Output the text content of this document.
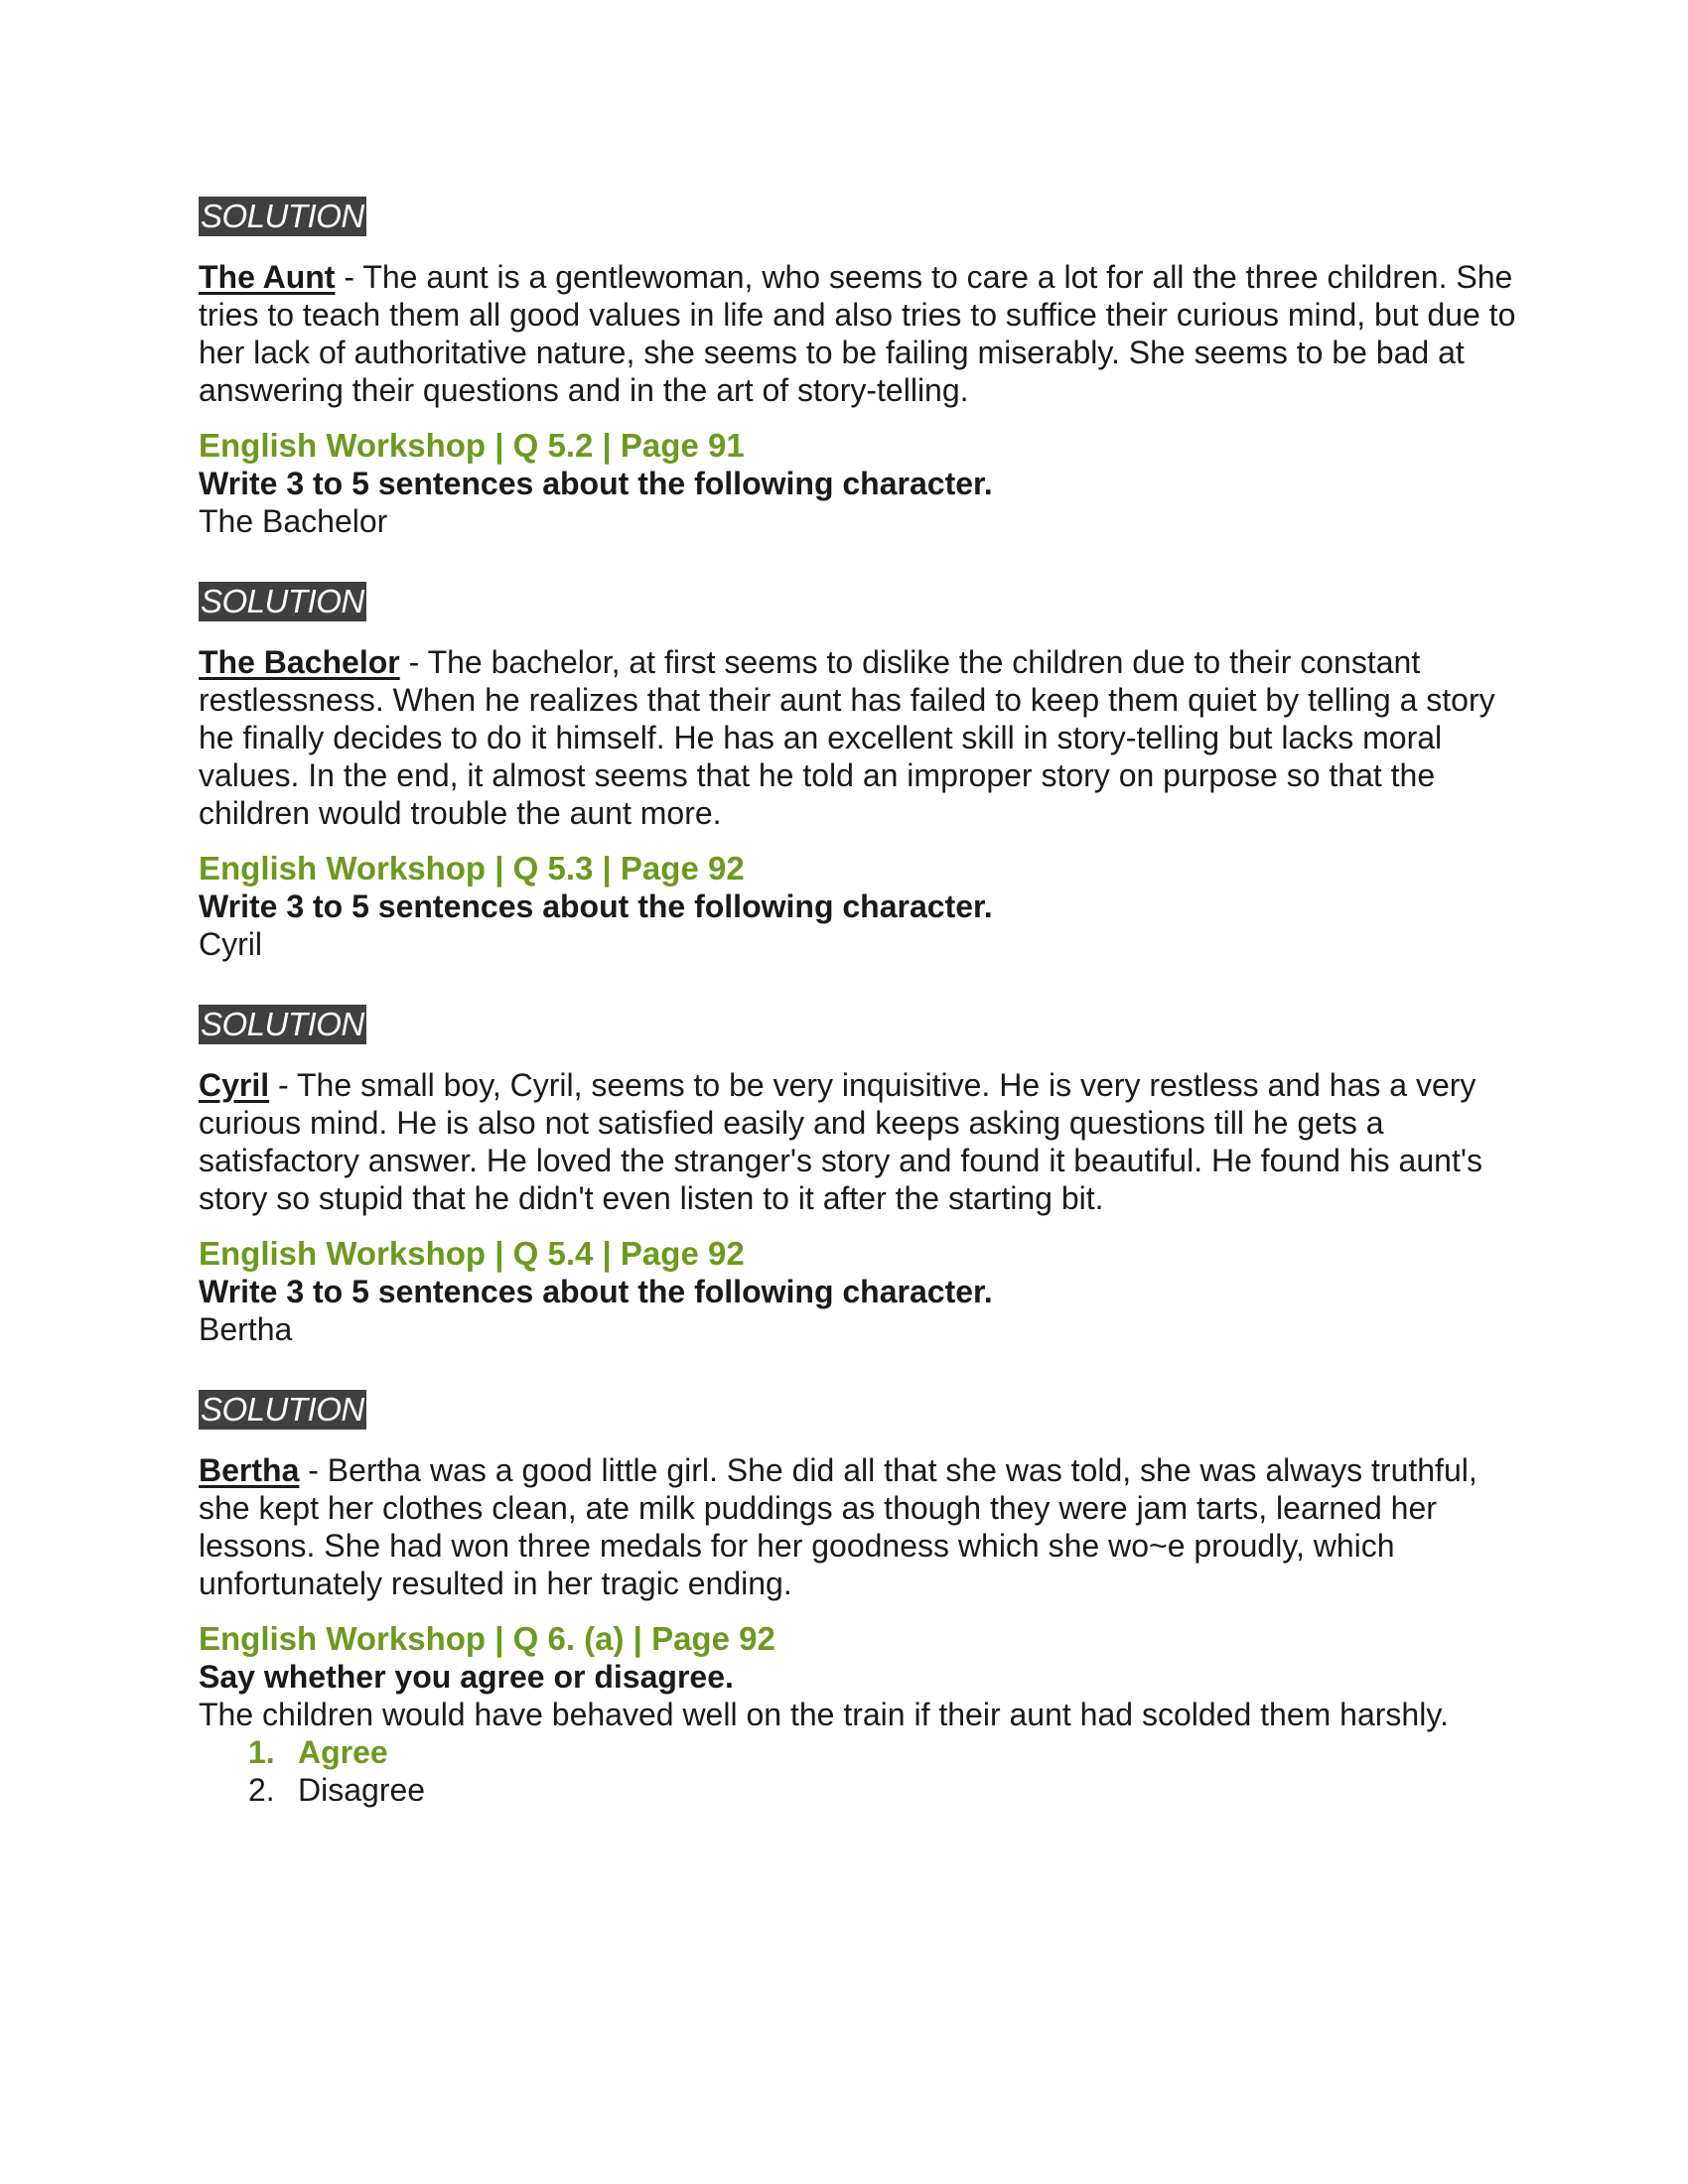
SOLUTION
The Aunt - The aunt is a gentlewoman, who seems to care a lot for all the three children. She tries to teach them all good values in life and also tries to suffice their curious mind, but due to her lack of authoritative nature, she seems to be failing miserably. She seems to be bad at answering their questions and in the art of story-telling.
English Workshop | Q 5.2 | Page 91
Write 3 to 5 sentences about the following character.
The Bachelor
SOLUTION
The Bachelor - The bachelor, at first seems to dislike the children due to their constant restlessness. When he realizes that their aunt has failed to keep them quiet by telling a story he finally decides to do it himself. He has an excellent skill in story-telling but lacks moral values. In the end, it almost seems that he told an improper story on purpose so that the children would trouble the aunt more.
English Workshop | Q 5.3 | Page 92
Write 3 to 5 sentences about the following character.
Cyril
SOLUTION
Cyril - The small boy, Cyril, seems to be very inquisitive. He is very restless and has a very curious mind. He is also not satisfied easily and keeps asking questions till he gets a satisfactory answer. He loved the stranger's story and found it beautiful. He found his aunt's story so stupid that he didn't even listen to it after the starting bit.
English Workshop | Q 5.4 | Page 92
Write 3 to 5 sentences about the following character.
Bertha
SOLUTION
Bertha - Bertha was a good little girl. She did all that she was told, she was always truthful, she kept her clothes clean, ate milk puddings as though they were jam tarts, learned her lessons. She had won three medals for her goodness which she wo~e proudly, which unfortunately resulted in her tragic ending.
English Workshop | Q 6. (a) | Page 92
Say whether you agree or disagree.
The children would have behaved well on the train if their aunt had scolded them harshly.
1. Agree
2. Disagree
